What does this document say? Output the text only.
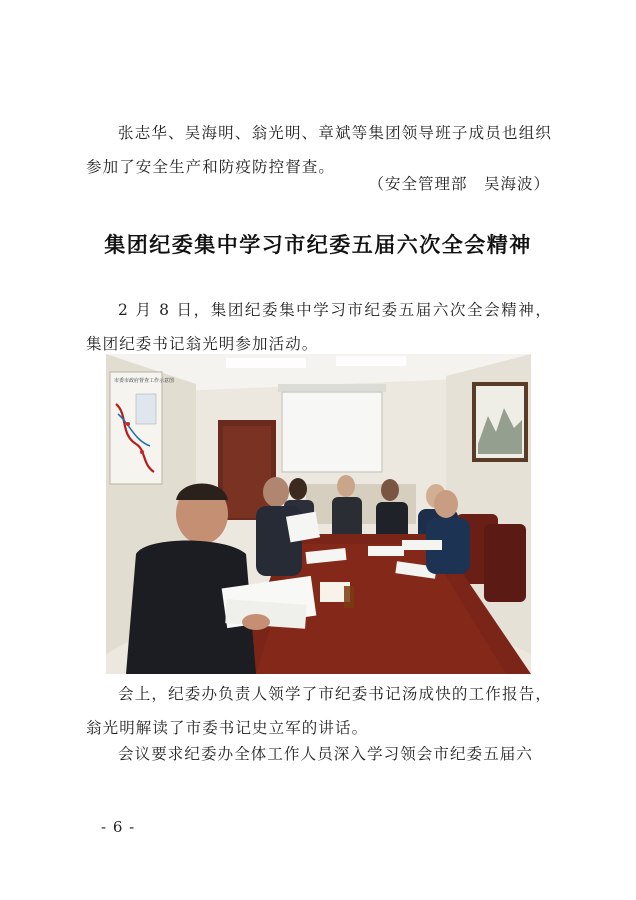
张志华、吴海明、翁光明、章斌等集团领导班子成员也组织参加了安全生产和防疫防控督查。

（安全管理部　吴海波）

集团纪委集中学习市纪委五届六次全会精神

2 月 8 日，集团纪委集中学习市纪委五届六次全会精神，集团纪委书记翁光明参加活动。

市委市政府督查工作示意图

会上，纪委办负责人领学了市纪委书记汤成快的工作报告，翁光明解读了市委书记史立军的讲话。

会议要求纪委办全体工作人员深入学习领会市纪委五届六

- 6 -
